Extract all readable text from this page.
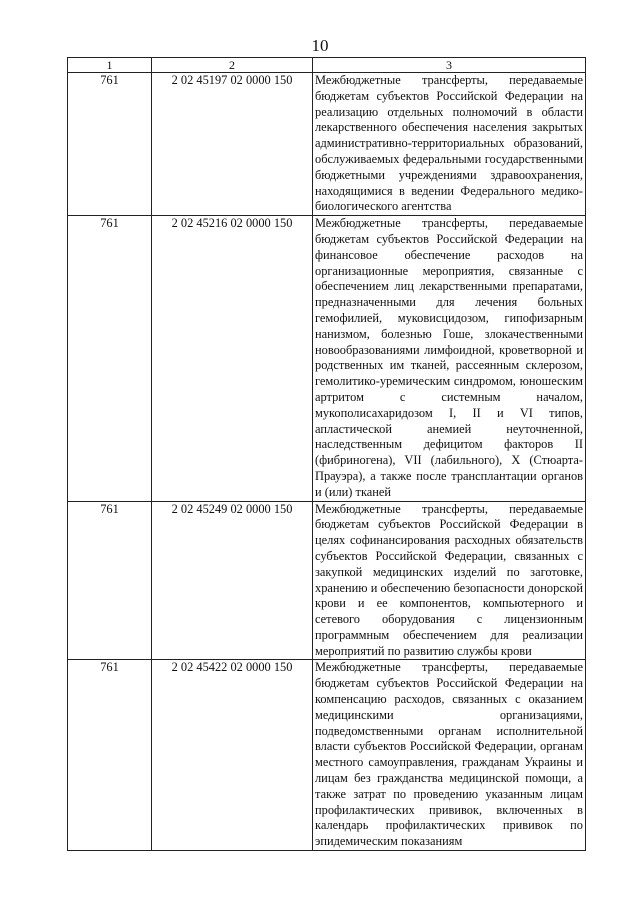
10
1	2	3
761	2 02 45197 02 0000 150	Межбюджетные трансферты, передаваемые бюджетам субъектов Российской Федерации на реализацию отдельных полномочий в области лекарственного обеспечения населения закрытых административно-территориальных образований, обслуживаемых федеральными государственными бюджетными учреждениями здравоохранения, находящимися в ведении Федерального медико-биологического агентства
761	2 02 45216 02 0000 150	Межбюджетные трансферты, передаваемые бюджетам субъектов Российской Федерации на финансовое обеспечение расходов на организационные мероприятия, связанные с обеспечением лиц лекарственными препаратами, предназначенными для лечения больных гемофилией, муковисцидозом, гипофизарным нанизмом, болезнью Гоше, злокачественными новообразованиями лимфоидной, кроветворной и родственных им тканей, рассеянным склерозом, гемолитико-уремическим синдромом, юношеским артритом с системным началом, мукополисахаридозом I, II и VI типов, апластической анемией неуточненной, наследственным дефицитом факторов II (фибриногена), VII (лабильного), X (Стюарта-Прауэра), а также после трансплантации органов и (или) тканей
761	2 02 45249 02 0000 150	Межбюджетные трансферты, передаваемые бюджетам субъектов Российской Федерации в целях софинансирования расходных обязательств субъектов Российской Федерации, связанных с закупкой медицинских изделий по заготовке, хранению и обеспечению безопасности донорской крови и ее компонентов, компьютерного и сетевого оборудования с лицензионным программным обеспечением для реализации мероприятий по развитию службы крови
761	2 02 45422 02 0000 150	Межбюджетные трансферты, передаваемые бюджетам субъектов Российской Федерации на компенсацию расходов, связанных с оказанием медицинскими организациями, подведомственными органам исполнительной власти субъектов Российской Федерации, органам местного самоуправления, гражданам Украины и лицам без гражданства медицинской помощи, а также затрат по проведению указанным лицам профилактических прививок, включенных в календарь профилактических прививок по эпидемическим показаниям
